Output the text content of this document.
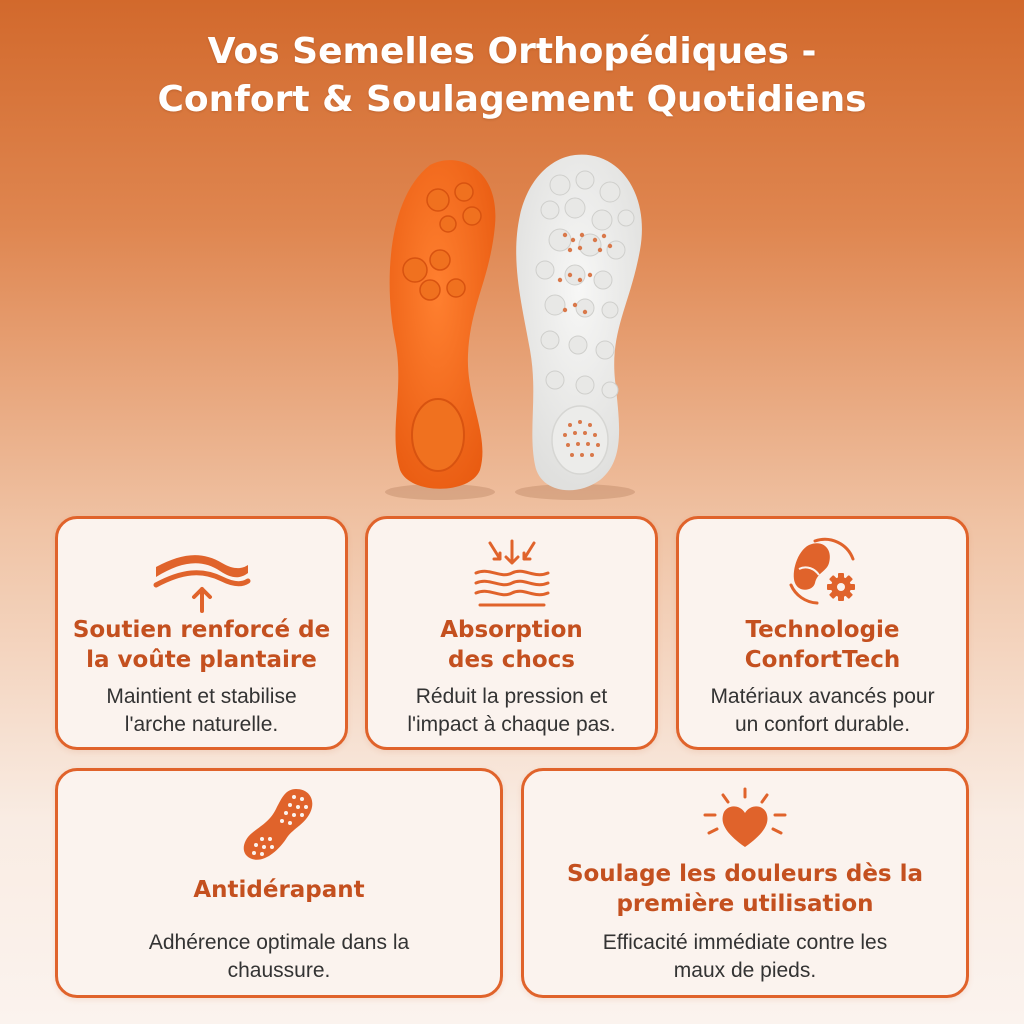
Vos Semelles Orthopédiques -
Confort & Soulagement Quotidiens
Soutien renforcé de
la voûte plantaire
Maintient et stabilise
l'arche naturelle.
Absorption
des chocs
Réduit la pression et
l'impact à chaque pas.
Technologie
ConfortTech
Matériaux avancés pour
un confort durable.
Antidérapant
Adhérence optimale dans la
chaussure.
Soulage les douleurs dès la
première utilisation
Efficacité immédiate contre les
maux de pieds.
